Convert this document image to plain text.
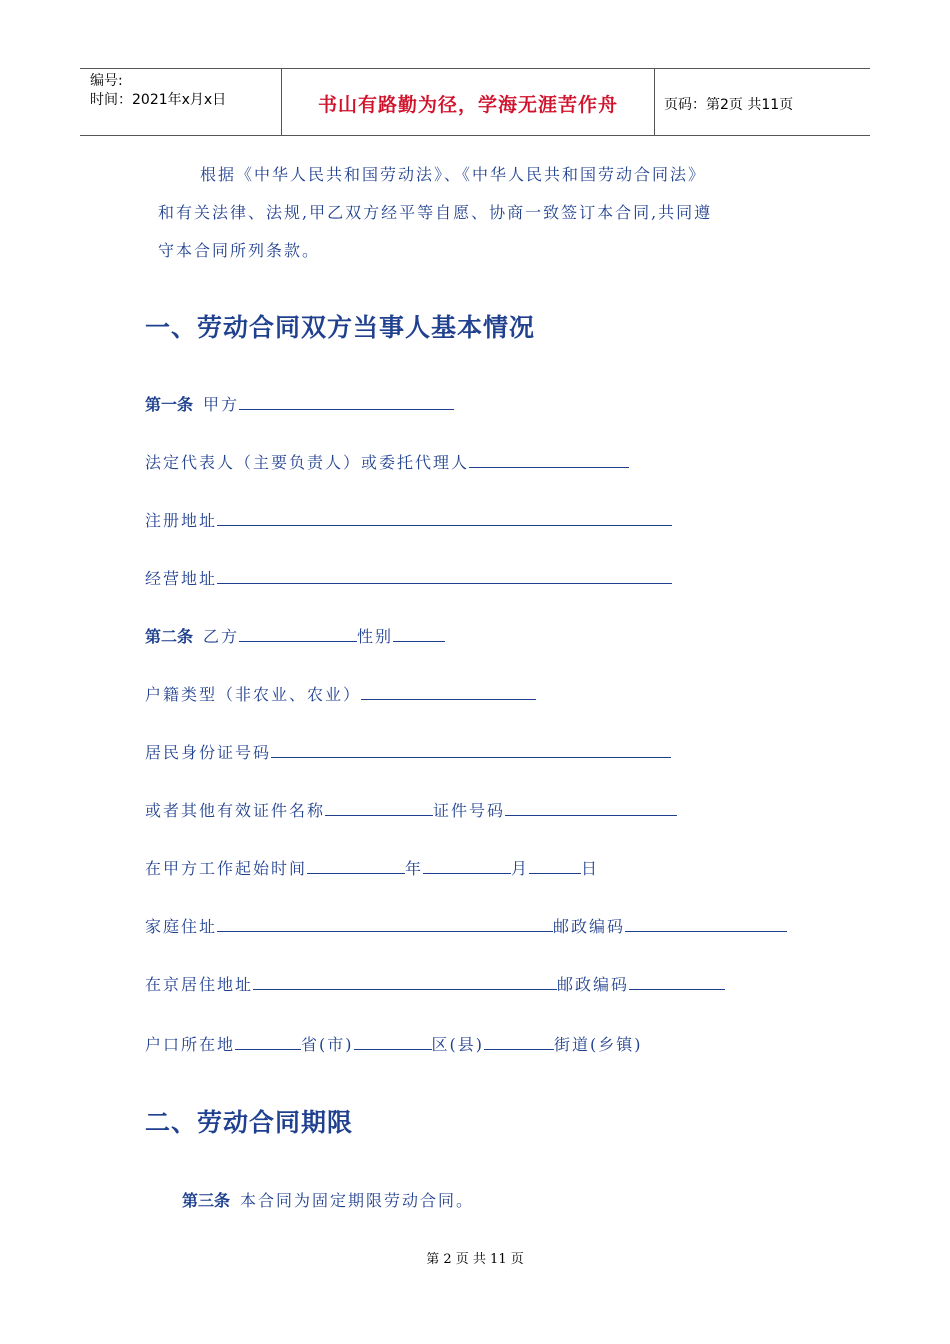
编号:
时间：2021年x月x日	书山有路勤为径，学海无涯苦作舟	页码：第2页 共11页
根据《中华人民共和国劳动法》、《中华人民共和国劳动合同法》
和有关法律、法规,甲乙双方经平等自愿、协商一致签订本合同,共同遵
守本合同所列条款。
一、劳动合同双方当事人基本情况
第一条 甲方
法定代表人（主要负责人）或委托代理人
注册地址
经营地址
第二条 乙方	性别
户籍类型（非农业、农业）
居民身份证号码
或者其他有效证件名称	证件号码
在甲方工作起始时间	年	月	日
家庭住址	邮政编码
在京居住地址	邮政编码
户口所在地	省(市)	区(县)	街道(乡镇)
二、劳动合同期限
第三条 本合同为固定期限劳动合同。
第 2 页 共 11 页
